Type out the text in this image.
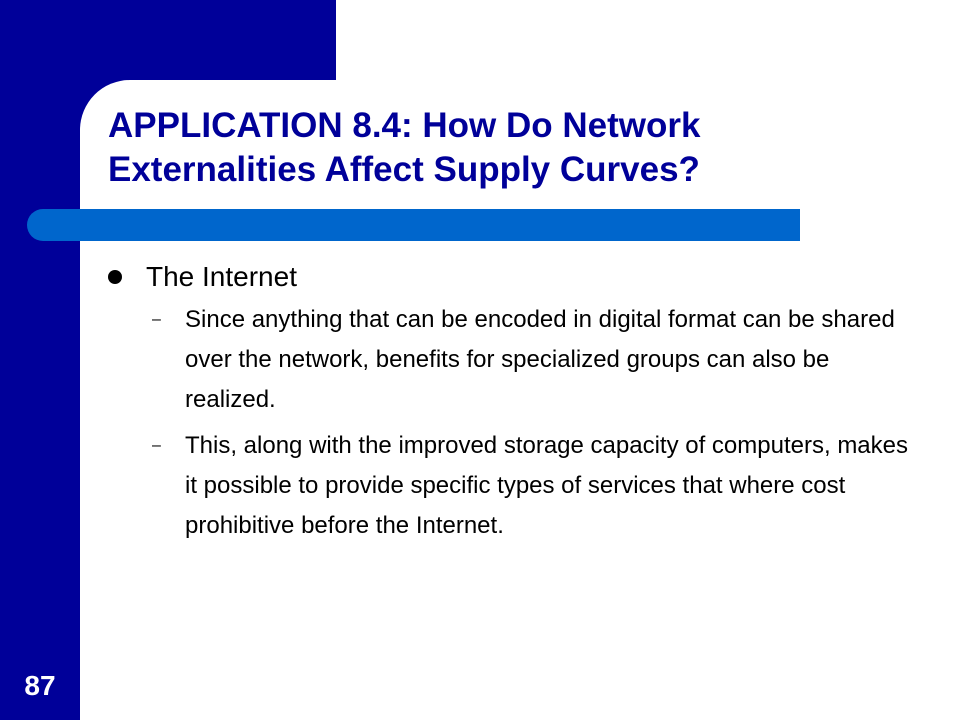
APPLICATION 8.4: How Do Network
Externalities Affect Supply Curves?
The Internet
– Since anything that can be encoded in digital format can be shared over the network, benefits for specialized groups can also be realized.
– This, along with the improved storage capacity of computers, makes it possible to provide specific types of services that where cost prohibitive before the Internet.
87
